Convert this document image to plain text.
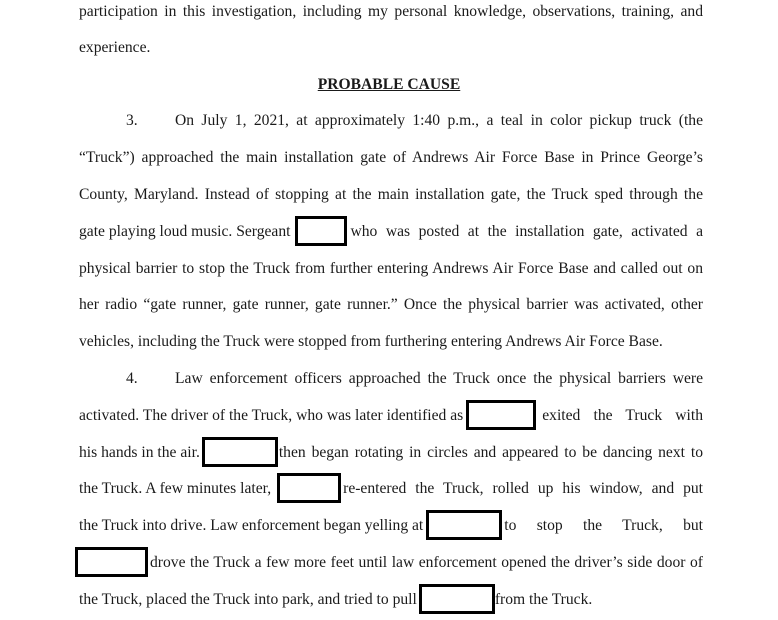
participation in this investigation, including my personal knowledge, observations, training, and
experience.
PROBABLE CAUSE
3.	On July 1, 2021, at approximately 1:40 p.m., a teal in color pickup truck (the
“Truck”) approached the main installation gate of Andrews Air Force Base in Prince George’s
County, Maryland. Instead of stopping at the main installation gate, the Truck sped through the
gate playing loud music. Sergeant	who was posted at the installation gate, activated a
physical barrier to stop the Truck from further entering Andrews Air Force Base and called out on
her radio “gate runner, gate runner, gate runner.” Once the physical barrier was activated, other
vehicles, including the Truck were stopped from furthering entering Andrews Air Force Base.
4.	Law enforcement officers approached the Truck once the physical barriers were
activated. The driver of the Truck, who was later identified as	exited the Truck with
his hands in the air.	then began rotating in circles and appeared to be dancing next to
the Truck. A few minutes later,	re-entered the Truck, rolled up his window, and put
the Truck into drive. Law enforcement began yelling at	to stop the Truck, but
drove the Truck a few more feet until law enforcement opened the driver’s side door of
the Truck, placed the Truck into park, and tried to pull	from the Truck.
